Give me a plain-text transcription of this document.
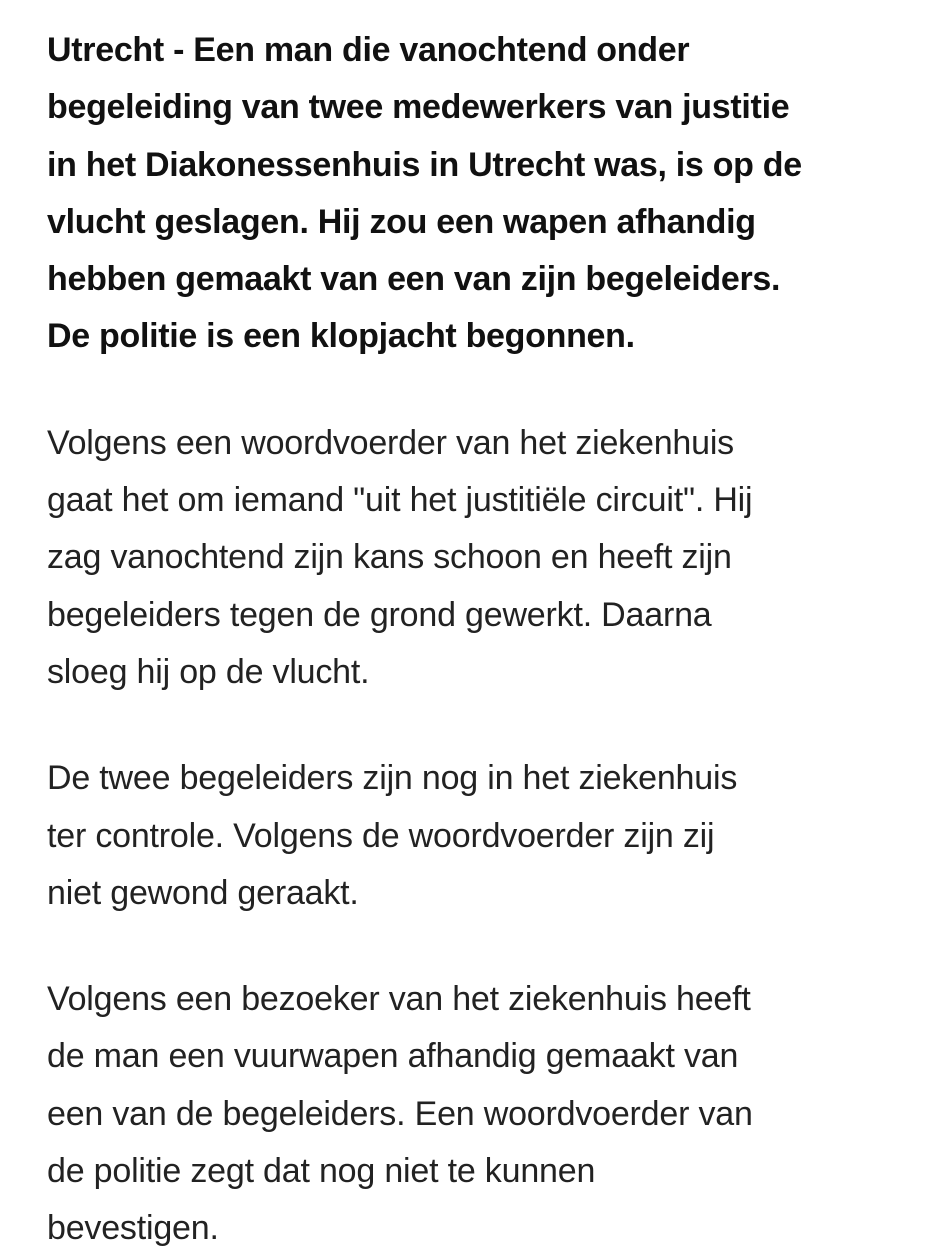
Utrecht - Een man die vanochtend onder
begeleiding van twee medewerkers van justitie
in het Diakonessenhuis in Utrecht was, is op de
vlucht geslagen. Hij zou een wapen afhandig
hebben gemaakt van een van zijn begeleiders.
De politie is een klopjacht begonnen.

Volgens een woordvoerder van het ziekenhuis
gaat het om iemand "uit het justitiële circuit". Hij
zag vanochtend zijn kans schoon en heeft zijn
begeleiders tegen de grond gewerkt. Daarna
sloeg hij op de vlucht.

De twee begeleiders zijn nog in het ziekenhuis
ter controle. Volgens de woordvoerder zijn zij
niet gewond geraakt.

Volgens een bezoeker van het ziekenhuis heeft
de man een vuurwapen afhandig gemaakt van
een van de begeleiders. Een woordvoerder van
de politie zegt dat nog niet te kunnen
bevestigen.
